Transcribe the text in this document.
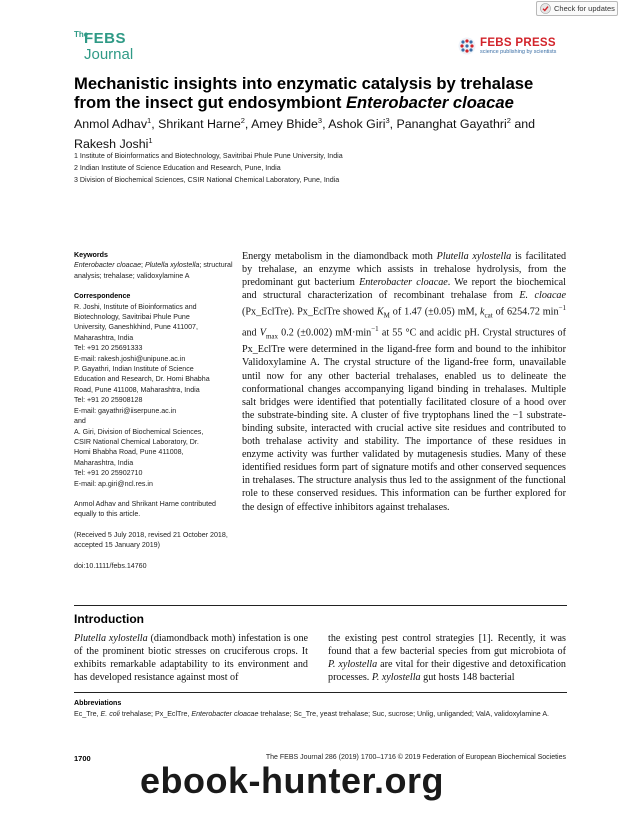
Check for updates
The
FEBS
Journal
FEBS PRESS
science publishing by scientists
Mechanistic insights into enzymatic catalysis by trehalase
from the insect gut endosymbiont Enterobacter cloacae
Anmol Adhav$^1$, Shrikant Harne$^2$, Amey Bhide$^3$, Ashok Giri$^3$, Pananghat Gayathri$^2$ and
Rakesh Joshi$^1$
1 Institute of Bioinformatics and Biotechnology, Savitribai Phule Pune University, India
2 Indian Institute of Science Education and Research, Pune, India
3 Division of Biochemical Sciences, CSIR National Chemical Laboratory, Pune, India

Keywords

Enterobacter cloacae; Plutella xylostella; structural analysis; trehalase; validoxylamine A

Correspondence

R. Joshi, Institute of Bioinformatics and

Biotechnology, Savitribai Phule Pune

University, Ganeshkhind, Pune 411007,

Maharashtra, India

Tel: +91 20 25691333

E-mail: rakesh.joshi@unipune.ac.in

P. Gayathri, Indian Institute of Science

Education and Research, Dr. Homi Bhabha

Road, Pune 411008, Maharashtra, India

Tel: +91 20 25908128

E-mail: gayathri@iiserpune.ac.in

and

A. Giri, Division of Biochemical Sciences,

CSIR National Chemical Laboratory, Dr.

Homi Bhabha Road, Pune 411008,

Maharashtra, India

Tel: +91 20 25902710

E-mail: ap.giri@ncl.res.in

Anmol Adhav and Shrikant Harne contributed equally to this article.

(Received 5 July 2018, revised 21 October 2018, accepted 15 January 2019)

doi:10.1111/febs.14760

Energy metabolism in the diamondback moth Plutella xylostella is facilitated by trehalase, an enzyme which assists in trehalose hydrolysis, from the predominant gut bacterium Enterobacter cloacae. We report the biochemical and structural characterization of recombinant trehalase from E. cloacae (Px_EclTre). Px_EclTre showed $K_M$ of 1.47 (±0.05) mM, $k_{cat}$ of 6254.72 $\min^{-1}$ and $V_{max}$ 0.2 (±0.002) $mM\cdot\min^{-1}$ at 55 °C and acidic pH. Crystal structures of Px_EclTre were determined in the ligand-free form and bound to the inhibitor Validoxylamine A. The crystal structure of the ligand-free form, unavailable until now for any other bacterial trehalases, enabled us to delineate the conformational changes accompanying ligand binding in trehalases. Multiple salt bridges were identified that potentially facilitated closure of a hood over the substrate-binding site. A cluster of five tryptophans lined the −1 substrate-binding subsite, interacted with crucial active site residues and contributed to both trehalase activity and stability. The importance of these residues in enzyme activity was further validated by mutagenesis studies. Many of these identified residues form part of signature motifs and other conserved sequences in trehalases. The structure analysis thus led to the assignment of the functional role to these conserved residues. This information can be further explored for the design of effective inhibitors against trehalases.
Introduction
Plutella xylostella (diamondback moth) infestation is one of the prominent biotic stresses on cruciferous crops. It exhibits remarkable adaptability to its environment and has developed resistance against most of
the existing pest control strategies [1]. Recently, it was found that a few bacterial species from gut microbiota of P. xylostella are vital for their digestive and detoxification processes. P. xylostella gut hosts 148 bacterial
Abbreviations
Ec_Tre, E. coli trehalase; Px_EclTre, Enterobacter cloacae trehalase; Sc_Tre, yeast trehalase; Suc, sucrose; Unlig, unliganded; ValA, validoxylamine A.
1700	The FEBS Journal 286 (2019) 1700–1716 © 2019 Federation of European Biochemical Societies
ebook-hunter.org
